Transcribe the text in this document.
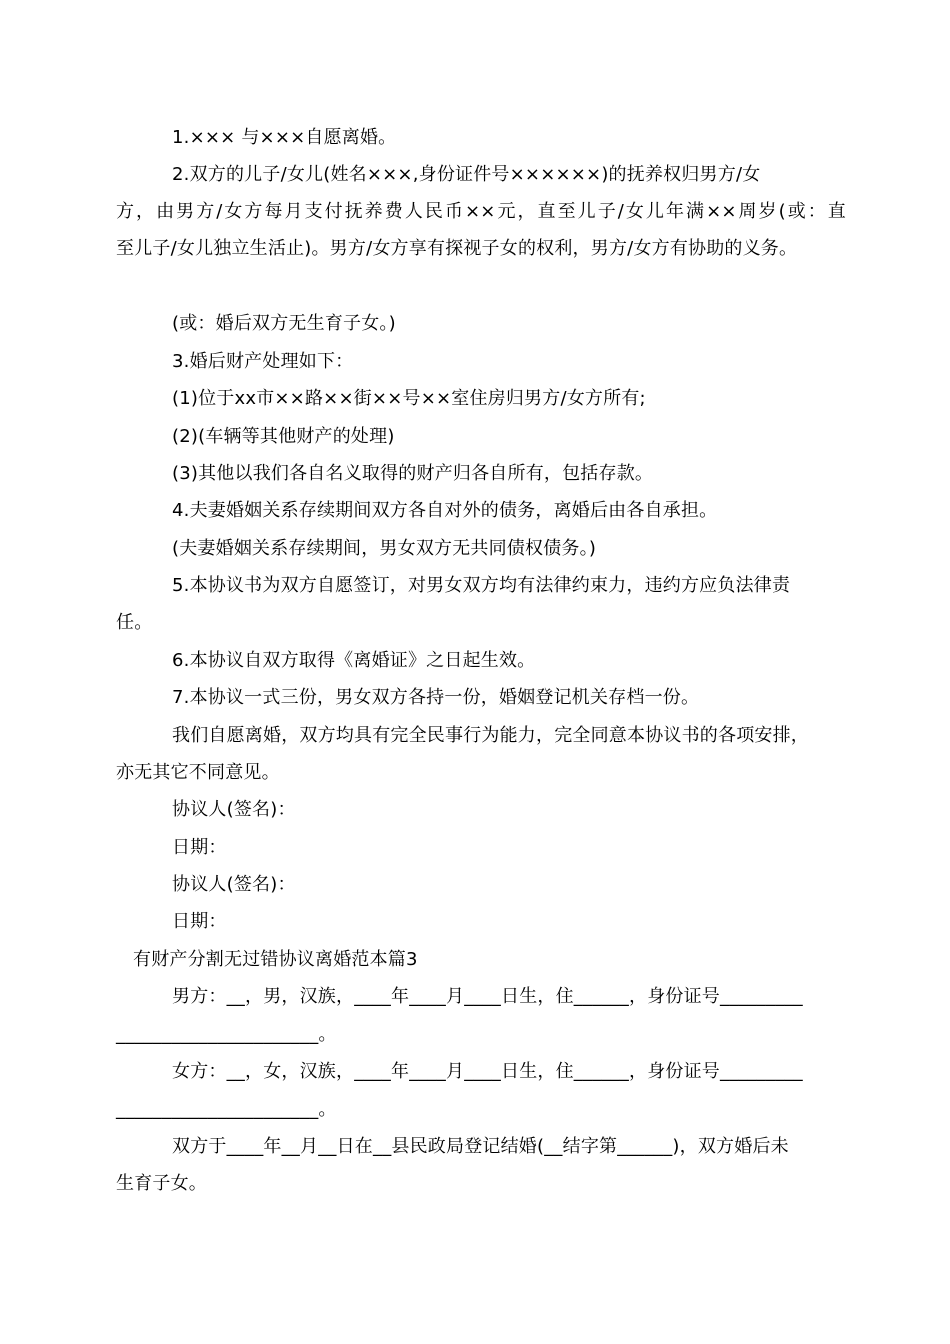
1.××× 与×××自愿离婚。
2.双方的儿子/女儿(姓名×××,身份证件号××××××)的抚养权归男方/女
方，由男方/女方每月支付抚养费人民币××元，直至儿子/女儿年满××周岁(或：直
至儿子/女儿独立生活止)。男方/女方享有探视子女的权利，男方/女方有协助的义务。
(或：婚后双方无生育子女。)
3.婚后财产处理如下：
(1)位于xx市××路××街××号××室住房归男方/女方所有;
(2)(车辆等其他财产的处理)
(3)其他以我们各自名义取得的财产归各自所有，包括存款。
4.夫妻婚姻关系存续期间双方各自对外的债务，离婚后由各自承担。
(夫妻婚姻关系存续期间，男女双方无共同债权债务。)
5.本协议书为双方自愿签订，对男女双方均有法律约束力，违约方应负法律责
任。
6.本协议自双方取得《离婚证》之日起生效。
7.本协议一式三份，男女双方各持一份，婚姻登记机关存档一份。
我们自愿离婚，双方均具有完全民事行为能力，完全同意本协议书的各项安排，
亦无其它不同意见。
协议人(签名)：
日期：
协议人(签名)：
日期：
有财产分割无过错协议离婚范本篇3
男方：__，男，汉族，____年____月____日生，住______，身份证号_________
______________________。
女方：__，女，汉族，____年____月____日生，住______，身份证号_________
______________________。
双方于____年__月__日在__县民政局登记结婚(__结字第______)，双方婚后未
生育子女。
